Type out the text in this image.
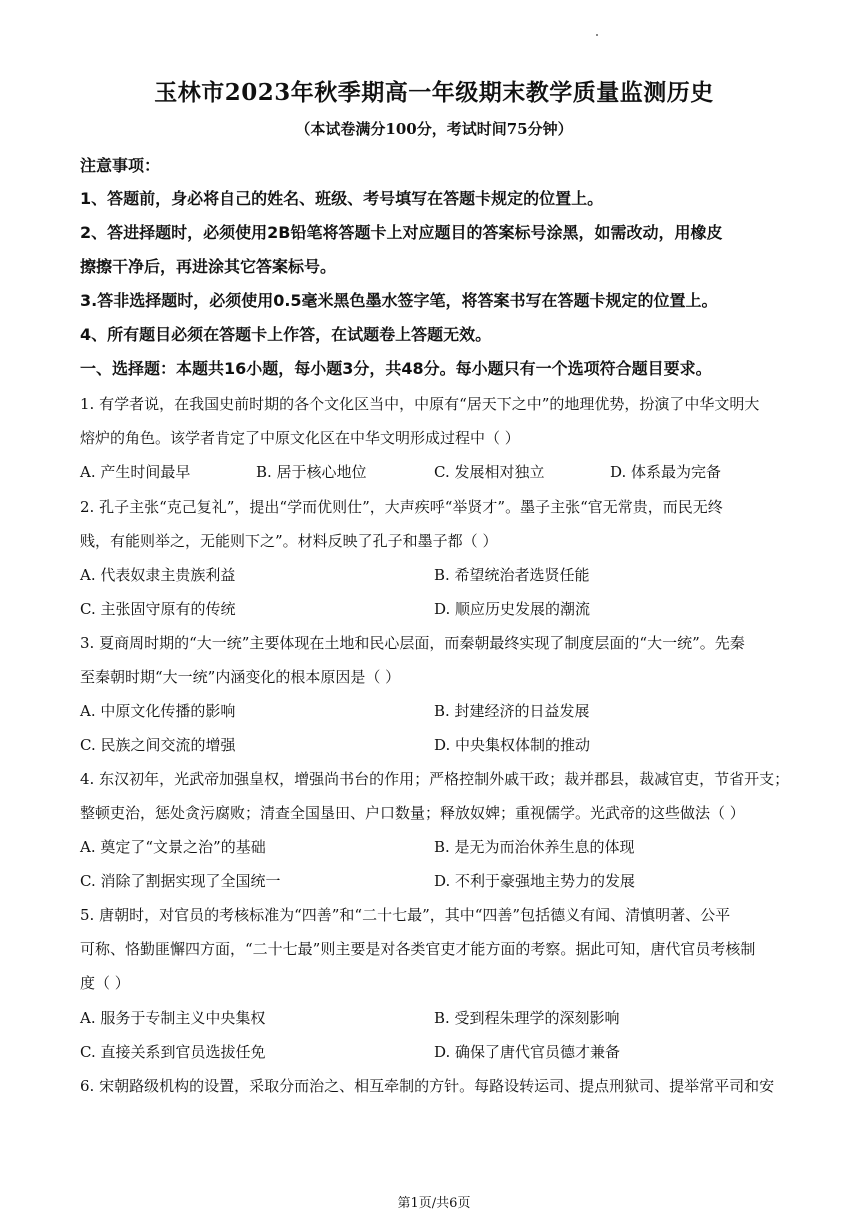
玉林市2023年秋季期高一年级期末教学质量监测历史
（本试卷满分100分，考试时间75分钟）
注意事项：
1、答题前，身必将自己的姓名、班级、考号填写在答题卡规定的位置上。
2、答进择题时，必须使用2B铅笔将答题卡上对应题目的答案标号涂黑，如需改动，用橡皮
擦擦干净后，再进涂其它答案标号。
3.答非选择题时，必须使用0.5毫米黑色墨水签字笔，将答案书写在答题卡规定的位置上。
4、所有题目必须在答题卡上作答，在试题卷上答题无效。
一、选择题：本题共16小题，每小题3分，共48分。每小题只有一个选项符合题目要求。
1. 有学者说，在我国史前时期的各个文化区当中，中原有“居天下之中”的地理优势，扮演了中华文明大
熔炉的角色。该学者肯定了中原文化区在中华文明形成过程中（ ）
A. 产生时间最早	B. 居于核心地位	C. 发展相对独立	D. 体系最为完备
2. 孔子主张“克己复礼”，提出“学而优则仕”，大声疾呼“举贤才”。墨子主张“官无常贵，而民无终
贱，有能则举之，无能则下之”。材料反映了孔子和墨子都（ ）
A. 代表奴隶主贵族利益	B. 希望统治者选贤任能
C. 主张固守原有的传统	D. 顺应历史发展的潮流
3. 夏商周时期的“大一统”主要体现在土地和民心层面，而秦朝最终实现了制度层面的“大一统”。先秦
至秦朝时期“大一统”内涵变化的根本原因是（ ）
A. 中原文化传播的影响	B. 封建经济的日益发展
C. 民族之间交流的增强	D. 中央集权体制的推动
4. 东汉初年，光武帝加强皇权，增强尚书台的作用；严格控制外戚干政；裁并郡县，裁减官吏，节省开支；
整顿吏治，惩处贪污腐败；清查全国垦田、户口数量；释放奴婢；重视儒学。光武帝的这些做法（ ）
A. 奠定了“文景之治”的基础	B. 是无为而治休养生息的体现
C. 消除了割据实现了全国统一	D. 不利于豪强地主势力的发展
5. 唐朝时，对官员的考核标准为“四善”和“二十七最”，其中“四善”包括德义有闻、清慎明著、公平
可称、恪勤匪懈四方面，“二十七最”则主要是对各类官吏才能方面的考察。据此可知，唐代官员考核制
度（ ）
A. 服务于专制主义中央集权	B. 受到程朱理学的深刻影响
C. 直接关系到官员选拔任免	D. 确保了唐代官员德才兼备
6. 宋朝路级机构的设置，采取分而治之、相互牵制的方针。每路设转运司、提点刑狱司、提举常平司和安
第1页/共6页
